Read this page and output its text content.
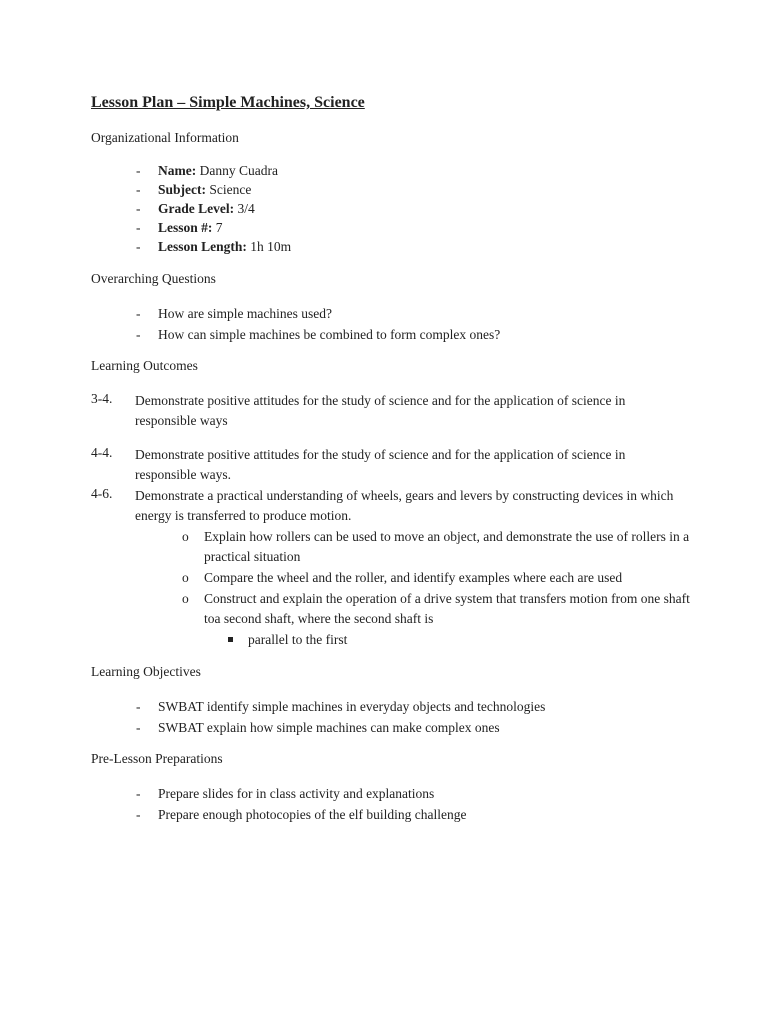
Lesson Plan – Simple Machines, Science
Organizational Information
- Name: Danny Cuadra
- Subject: Science
- Grade Level: 3/4
- Lesson #: 7
- Lesson Length: 1h 10m
Overarching Questions
- How are simple machines used?
- How can simple machines be combined to form complex ones?
Learning Outcomes
3-4. Demonstrate positive attitudes for the study of science and for the application of science in responsible ways
4-4. Demonstrate positive attitudes for the study of science and for the application of science in responsible ways.
4-6. Demonstrate a practical understanding of wheels, gears and levers by constructing devices in which energy is transferred to produce motion.
o Explain how rollers can be used to move an object, and demonstrate the use of rollers in a practical situation
o Compare the wheel and the roller, and identify examples where each are used
o Construct and explain the operation of a drive system that transfers motion from one shaft toa second shaft, where the second shaft is
parallel to the first
Learning Objectives
- SWBAT identify simple machines in everyday objects and technologies
- SWBAT explain how simple machines can make complex ones
Pre-Lesson Preparations
- Prepare slides for in class activity and explanations
- Prepare enough photocopies of the elf building challenge
